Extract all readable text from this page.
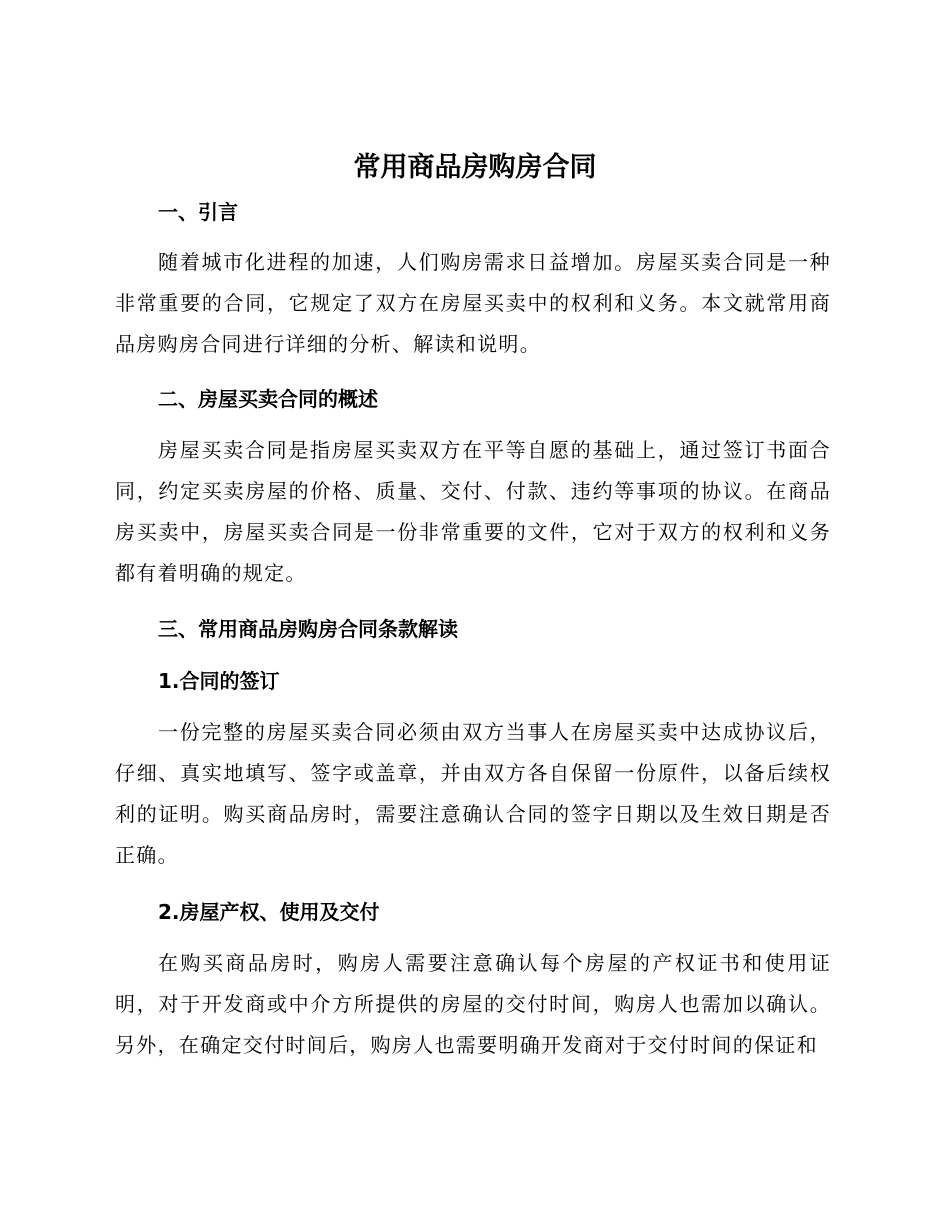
常用商品房购房合同
一、引言

随着城市化进程的加速，人们购房需求日益增加。房屋买卖合同是一种非常重要的合同，它规定了双方在房屋买卖中的权利和义务。本文就常用商品房购房合同进行详细的分析、解读和说明。

二、房屋买卖合同的概述

房屋买卖合同是指房屋买卖双方在平等自愿的基础上，通过签订书面合同，约定买卖房屋的价格、质量、交付、付款、违约等事项的协议。在商品房买卖中，房屋买卖合同是一份非常重要的文件，它对于双方的权利和义务都有着明确的规定。

三、常用商品房购房合同条款解读
1.合同的签订

一份完整的房屋买卖合同必须由双方当事人在房屋买卖中达成协议后，仔细、真实地填写、签字或盖章，并由双方各自保留一份原件，以备后续权利的证明。购买商品房时，需要注意确认合同的签字日期以及生效日期是否正确。

2.房屋产权、使用及交付

在购买商品房时，购房人需要注意确认每个房屋的产权证书和使用证明，对于开发商或中介方所提供的房屋的交付时间，购房人也需加以确认。另外，在确定交付时间后，购房人也需要明确开发商对于交付时间的保证和
